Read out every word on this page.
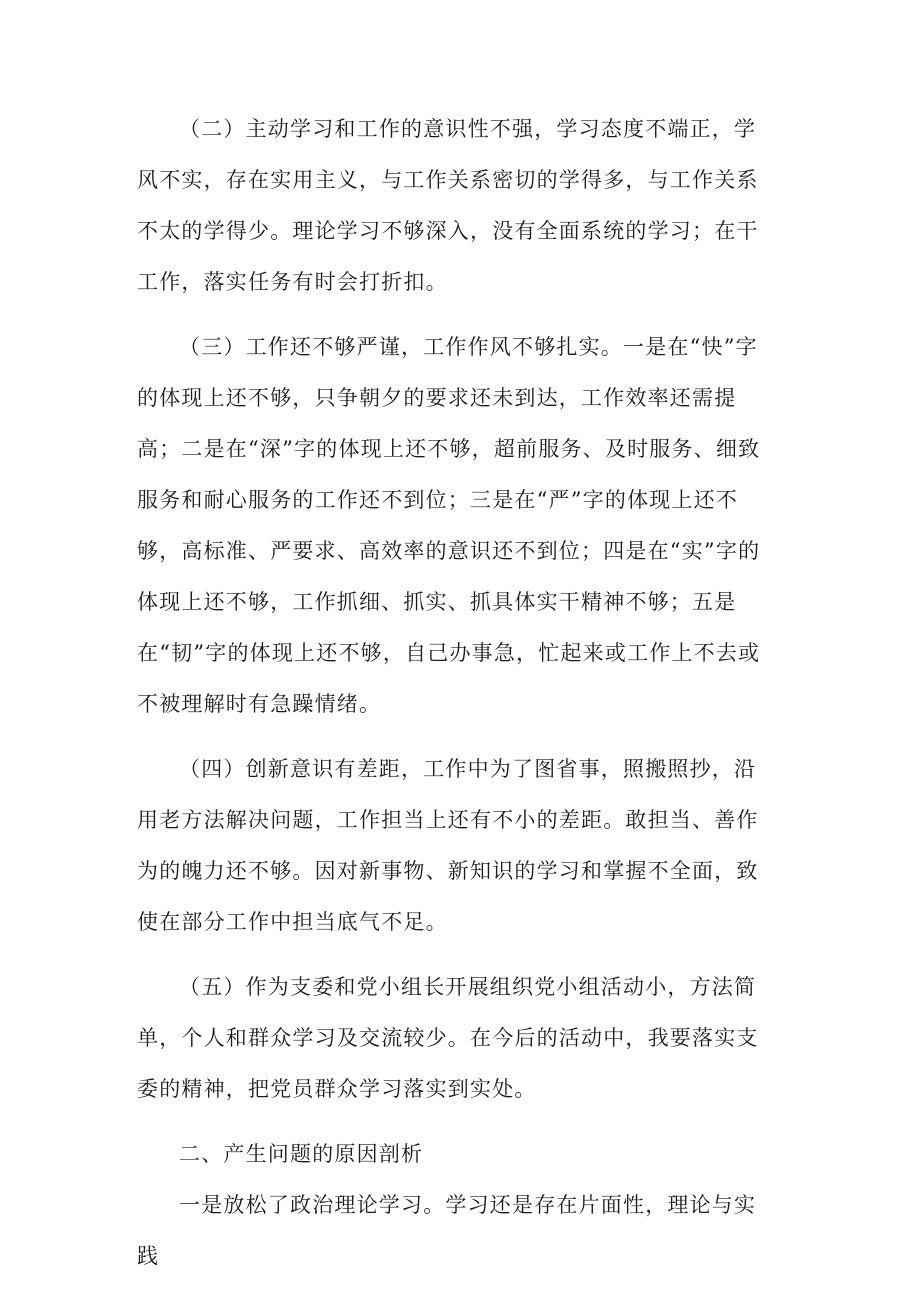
（二）主动学习和工作的意识性不强，学习态度不端正，学风不实，存在实用主义，与工作关系密切的学得多，与工作关系不太的学得少。理论学习不够深入，没有全面系统的学习；在干工作，落实任务有时会打折扣。

（三）工作还不够严谨，工作作风不够扎实。一是在“快”字的体现上还不够，只争朝夕的要求还未到达，工作效率还需提高；二是在“深”字的体现上还不够，超前服务、及时服务、细致服务和耐心服务的工作还不到位；三是在“严”字的体现上还不够，高标准、严要求、高效率的意识还不到位；四是在“实”字的体现上还不够，工作抓细、抓实、抓具体实干精神不够；五是在“韧”字的体现上还不够，自己办事急，忙起来或工作上不去或不被理解时有急躁情绪。

（四）创新意识有差距，工作中为了图省事，照搬照抄，沿用老方法解决问题，工作担当上还有不小的差距。敢担当、善作为的魄力还不够。因对新事物、新知识的学习和掌握不全面，致使在部分工作中担当底气不足。

（五）作为支委和党小组长开展组织党小组活动小，方法简单，个人和群众学习及交流较少。在今后的活动中，我要落实支委的精神，把党员群众学习落实到实处。

二、产生问题的原因剖析

一是放松了政治理论学习。学习还是存在片面性，理论与实践
